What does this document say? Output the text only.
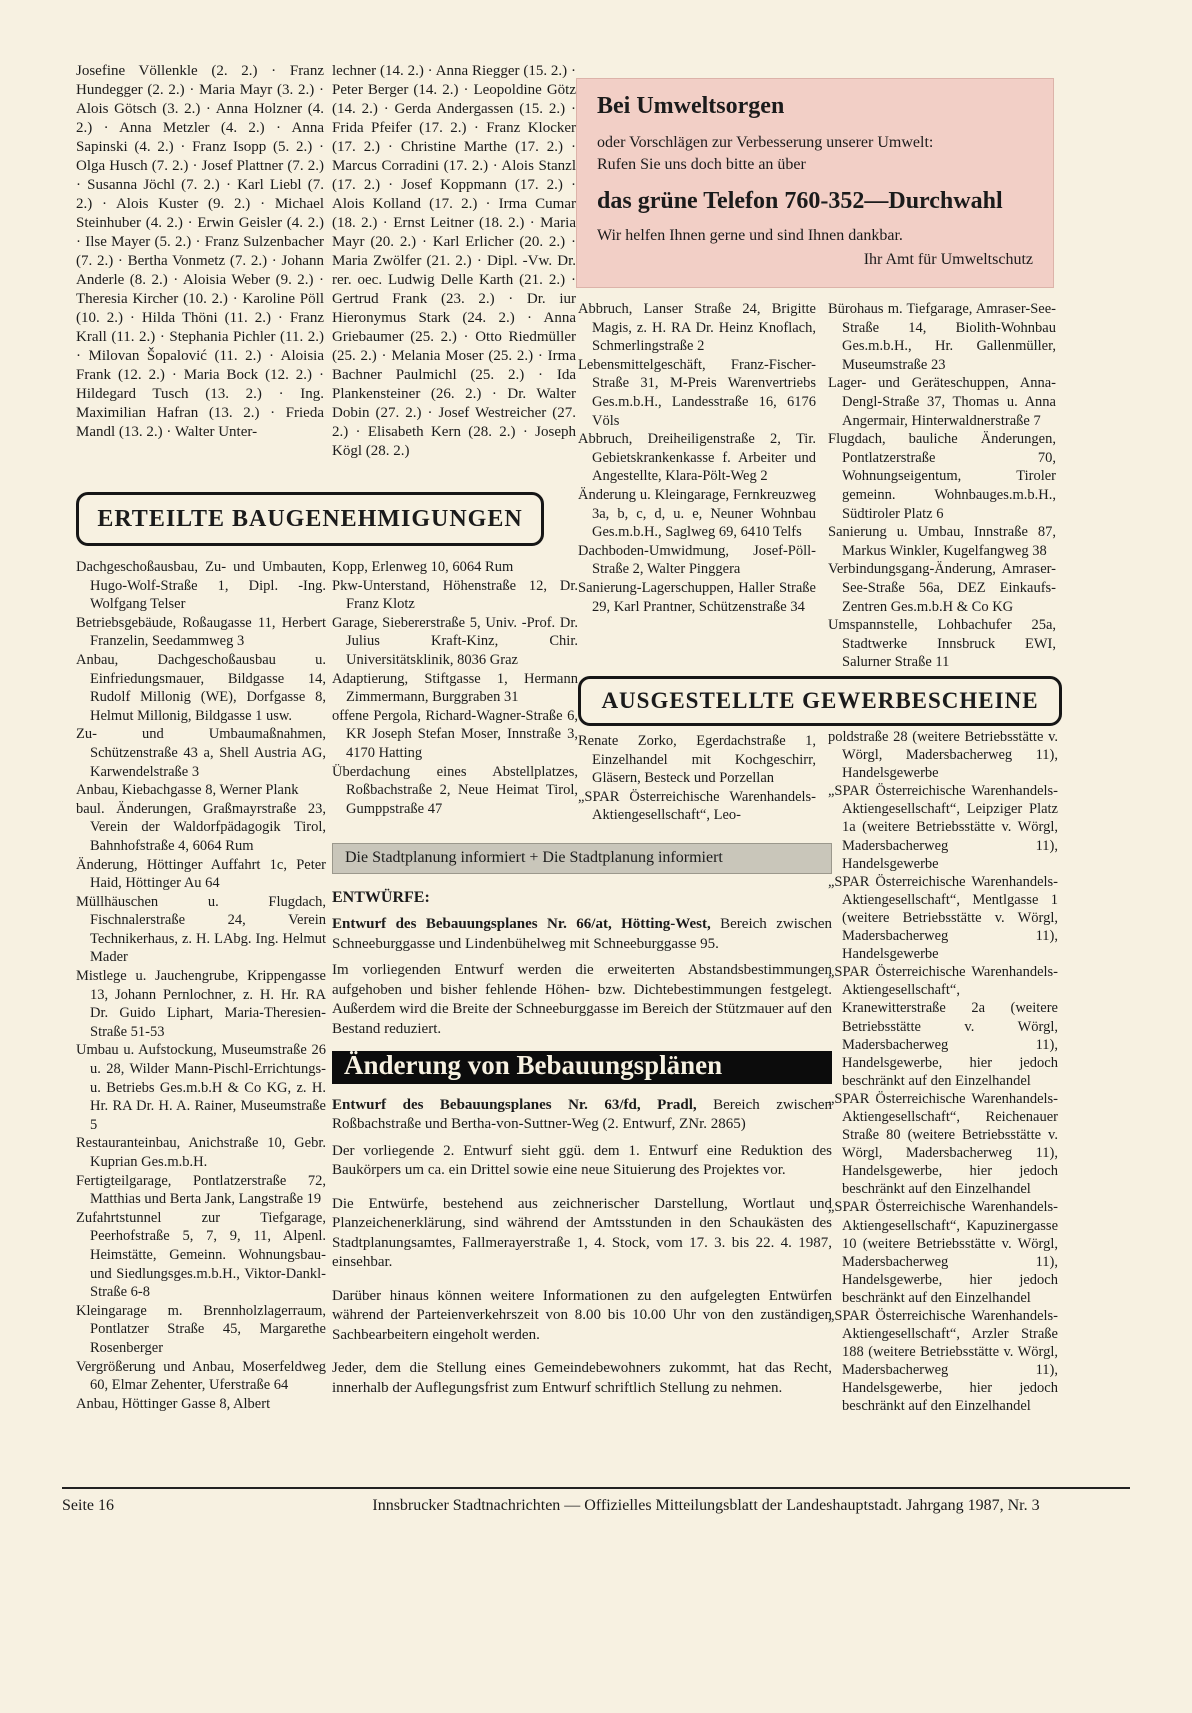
Josefine Völlenkle (2. 2.) · Franz Hundegger (2. 2.) · Maria Mayr (3. 2.) · Alois Götsch (3. 2.) · Anna Holzner (4. 2.) · Anna Metzler (4. 2.) · Anna Sapinski (4. 2.) · Franz Isopp (5. 2.) · Olga Husch (7. 2.) · Josef Plattner (7. 2.) · Susanna Jöchl (7. 2.) · Karl Liebl (7. 2.) · Alois Kuster (9. 2.) · Michael Steinhuber (4. 2.) · Erwin Geisler (4. 2.) · Ilse Mayer (5. 2.) · Franz Sulzenbacher (7. 2.) · Bertha Vonmetz (7. 2.) · Johann Anderle (8. 2.) · Aloisia Weber (9. 2.) · Theresia Kircher (10. 2.) · Karoline Pöll (10. 2.) · Hilda Thöni (11. 2.) · Franz Krall (11. 2.) · Stephania Pichler (11. 2.) · Milovan Šopalović (11. 2.) · Aloisia Frank (12. 2.) · Maria Bock (12. 2.) · Hildegard Tusch (13. 2.) · Ing. Maximilian Hafran (13. 2.) · Frieda Mandl (13. 2.) · Walter Unter-

lechner (14. 2.) · Anna Riegger (15. 2.) · Peter Berger (14. 2.) · Leopoldine Götz (14. 2.) · Gerda Andergassen (15. 2.) · Frida Pfeifer (17. 2.) · Franz Klocker (17. 2.) · Christine Marthe (17. 2.) · Marcus Corradini (17. 2.) · Alois Stanzl (17. 2.) · Josef Koppmann (17. 2.) · Alois Kolland (17. 2.) · Irma Cumar (18. 2.) · Ernst Leitner (18. 2.) · Maria Mayr (20. 2.) · Karl Erlicher (20. 2.) · Maria Zwölfer (21. 2.) · Dipl. -Vw. Dr. rer. oec. Ludwig Delle Karth (21. 2.) · Gertrud Frank (23. 2.) · Dr. iur Hieronymus Stark (24. 2.) · Anna Griebaumer (25. 2.) · Otto Riedmüller (25. 2.) · Melania Moser (25. 2.) · Irma Bachner Paulmichl (25. 2.) · Ida Plankensteiner (26. 2.) · Dr. Walter Dobin (27. 2.) · Josef Westreicher (27. 2.) · Elisabeth Kern (28. 2.) · Joseph Kögl (28. 2.)

Bei Umweltsorgen

oder Vorschlägen zur Verbesserung unserer Umwelt:

Rufen Sie uns doch bitte an über

das grüne Telefon 760-352—Durchwahl

Wir helfen Ihnen gerne und sind Ihnen dankbar.

Ihr Amt für Umweltschutz

Abbruch, Lanser Straße 24, Brigitte Magis, z. H. RA Dr. Heinz Knoflach, Schmerlingstraße 2

Lebensmittelgeschäft, Franz-Fischer-Straße 31, M-Preis Warenvertriebs Ges.m.b.H., Landesstraße 16, 6176 Völs

Abbruch, Dreiheiligenstraße 2, Tir. Gebietskrankenkasse f. Arbeiter und Angestellte, Klara-Pölt-Weg 2

Änderung u. Kleingarage, Fernkreuzweg 3a, b, c, d, u. e, Neuner Wohnbau Ges.m.b.H., Saglweg 69, 6410 Telfs

Dachboden-Umwidmung, Josef-Pöll-Straße 2, Walter Pinggera

Sanierung-Lagerschuppen, Haller Straße 29, Karl Prantner, Schützenstraße 34

Bürohaus m. Tiefgarage, Amraser-See-Straße 14, Biolith-Wohnbau Ges.m.b.H., Hr. Gallenmüller, Museumstraße 23

Lager- und Geräteschuppen, Anna-Dengl-Straße 37, Thomas u. Anna Angermair, Hinterwaldnerstraße 7

Flugdach, bauliche Änderungen, Pontlatzerstraße 70, Wohnungseigentum, Tiroler gemeinn. Wohnbauges.m.b.H., Südtiroler Platz 6

Sanierung u. Umbau, Innstraße 87, Markus Winkler, Kugelfangweg 38

Verbindungsgang-Änderung, Amraser-See-Straße 56a, DEZ Einkaufs-Zentren Ges.m.b.H & Co KG

Umspannstelle, Lohbachufer 25a, Stadtwerke Innsbruck EWI, Salurner Straße 11

ERTEILTE BAUGENEHMIGUNGEN

Dachgeschoßausbau, Zu- und Umbauten, Hugo-Wolf-Straße 1, Dipl. -Ing. Wolfgang Telser

Betriebsgebäude, Roßaugasse 11, Herbert Franzelin, Seedammweg 3

Anbau, Dachgeschoßausbau u. Einfriedungsmauer, Bildgasse 14, Rudolf Millonig (WE), Dorfgasse 8, Helmut Millonig, Bildgasse 1 usw.

Zu- und Umbaumaßnahmen, Schützenstraße 43 a, Shell Austria AG, Karwendelstraße 3

Anbau, Kiebachgasse 8, Werner Plank

baul. Änderungen, Graßmayrstraße 23, Verein der Waldorfpädagogik Tirol, Bahnhofstraße 4, 6064 Rum

Änderung, Höttinger Auffahrt 1c, Peter Haid, Höttinger Au 64

Müllhäuschen u. Flugdach, Fischnalerstraße 24, Verein Technikerhaus, z. H. LAbg. Ing. Helmut Mader

Mistlege u. Jauchengrube, Krippengasse 13, Johann Pernlochner, z. H. Hr. RA Dr. Guido Liphart, Maria-Theresien-Straße 51-53

Umbau u. Aufstockung, Museumstraße 26 u. 28, Wilder Mann-Pischl-Errichtungs- u. Betriebs Ges.m.b.H & Co KG, z. H. Hr. RA Dr. H. A. Rainer, Museumstraße 5

Restauranteinbau, Anichstraße 10, Gebr. Kuprian Ges.m.b.H.

Fertigteilgarage, Pontlatzerstraße 72, Matthias und Berta Jank, Langstraße 19

Zufahrtstunnel zur Tiefgarage, Peerhofstraße 5, 7, 9, 11, Alpenl. Heimstätte, Gemeinn. Wohnungsbau- und Siedlungsges.m.b.H., Viktor-Dankl-Straße 6-8

Kleingarage m. Brennholzlagerraum, Pontlatzer Straße 45, Margarethe Rosenberger

Vergrößerung und Anbau, Moserfeldweg 60, Elmar Zehenter, Uferstraße 64

Anbau, Höttinger Gasse 8, Albert

Kopp, Erlenweg 10, 6064 Rum

Pkw-Unterstand, Höhenstraße 12, Dr. Franz Klotz

Garage, Siebererstraße 5, Univ. -Prof. Dr. Julius Kraft-Kinz, Chir. Universitätsklinik, 8036 Graz

Adaptierung, Stiftgasse 1, Hermann Zimmermann, Burggraben 31

offene Pergola, Richard-Wagner-Straße 6, KR Joseph Stefan Moser, Innstraße 3, 4170 Hatting

Überdachung eines Abstellplatzes, Roßbachstraße 2, Neue Heimat Tirol, Gumppstraße 47

AUSGESTELLTE GEWERBESCHEINE

Renate Zorko, Egerdachstraße 1, Einzelhandel mit Kochgeschirr, Gläsern, Besteck und Porzellan

„SPAR Österreichische Warenhandels-Aktiengesellschaft“, Leo-

poldstraße 28 (weitere Betriebsstätte v. Wörgl, Madersbacherweg 11), Handelsgewerbe

„SPAR Österreichische Warenhandels-Aktiengesellschaft“, Leipziger Platz 1a (weitere Betriebsstätte v. Wörgl, Madersbacherweg 11), Handelsgewerbe

„SPAR Österreichische Warenhandels-Aktiengesellschaft“, Mentlgasse 1 (weitere Betriebsstätte v. Wörgl, Madersbacherweg 11), Handelsgewerbe

„SPAR Österreichische Warenhandels-Aktiengesellschaft“, Kranewitterstraße 2a (weitere Betriebsstätte v. Wörgl, Madersbacherweg 11), Handelsgewerbe, hier jedoch beschränkt auf den Einzelhandel

„SPAR Österreichische Warenhandels-Aktiengesellschaft“, Reichenauer Straße 80 (weitere Betriebsstätte v. Wörgl, Madersbacherweg 11), Handelsgewerbe, hier jedoch beschränkt auf den Einzelhandel

„SPAR Österreichische Warenhandels-Aktiengesellschaft“, Kapuzinergasse 10 (weitere Betriebsstätte v. Wörgl, Madersbacherweg 11), Handelsgewerbe, hier jedoch beschränkt auf den Einzelhandel

„SPAR Österreichische Warenhandels-Aktiengesellschaft“, Arzler Straße 188 (weitere Betriebsstätte v. Wörgl, Madersbacherweg 11), Handelsgewerbe, hier jedoch beschränkt auf den Einzelhandel

Die Stadtplanung informiert + Die Stadtplanung informiert

ENTWÜRFE:

Entwurf des Bebauungsplanes Nr. 66/at, Hötting-West, Bereich zwischen Schneeburggasse und Lindenbühelweg mit Schneeburggasse 95.

Im vorliegenden Entwurf werden die erweiterten Abstandsbestimmungen aufgehoben und bisher fehlende Höhen- bzw. Dichtebestimmungen festgelegt. Außerdem wird die Breite der Schneeburggasse im Bereich der Stützmauer auf den Bestand reduziert.

Änderung von Bebauungsplänen

Entwurf des Bebauungsplanes Nr. 63/fd, Pradl, Bereich zwischen Roßbachstraße und Bertha-von-Suttner-Weg (2. Entwurf, ZNr. 2865)

Der vorliegende 2. Entwurf sieht ggü. dem 1. Entwurf eine Reduktion des Baukörpers um ca. ein Drittel sowie eine neue Situierung des Projektes vor.

Die Entwürfe, bestehend aus zeichnerischer Darstellung, Wortlaut und Planzeichenerklärung, sind während der Amtsstunden in den Schaukästen des Stadtplanungsamtes, Fallmerayerstraße 1, 4. Stock, vom 17. 3. bis 22. 4. 1987, einsehbar.

Darüber hinaus können weitere Informationen zu den aufgelegten Entwürfen während der Parteienverkehrszeit von 8.00 bis 10.00 Uhr von den zuständigen Sachbearbeitern eingeholt werden.

Jeder, dem die Stellung eines Gemeindebewohners zukommt, hat das Recht, innerhalb der Auflegungsfrist zum Entwurf schriftlich Stellung zu nehmen.

Seite 16	Innsbrucker Stadtnachrichten — Offizielles Mitteilungsblatt der Landeshauptstadt. Jahrgang 1987, Nr. 3
